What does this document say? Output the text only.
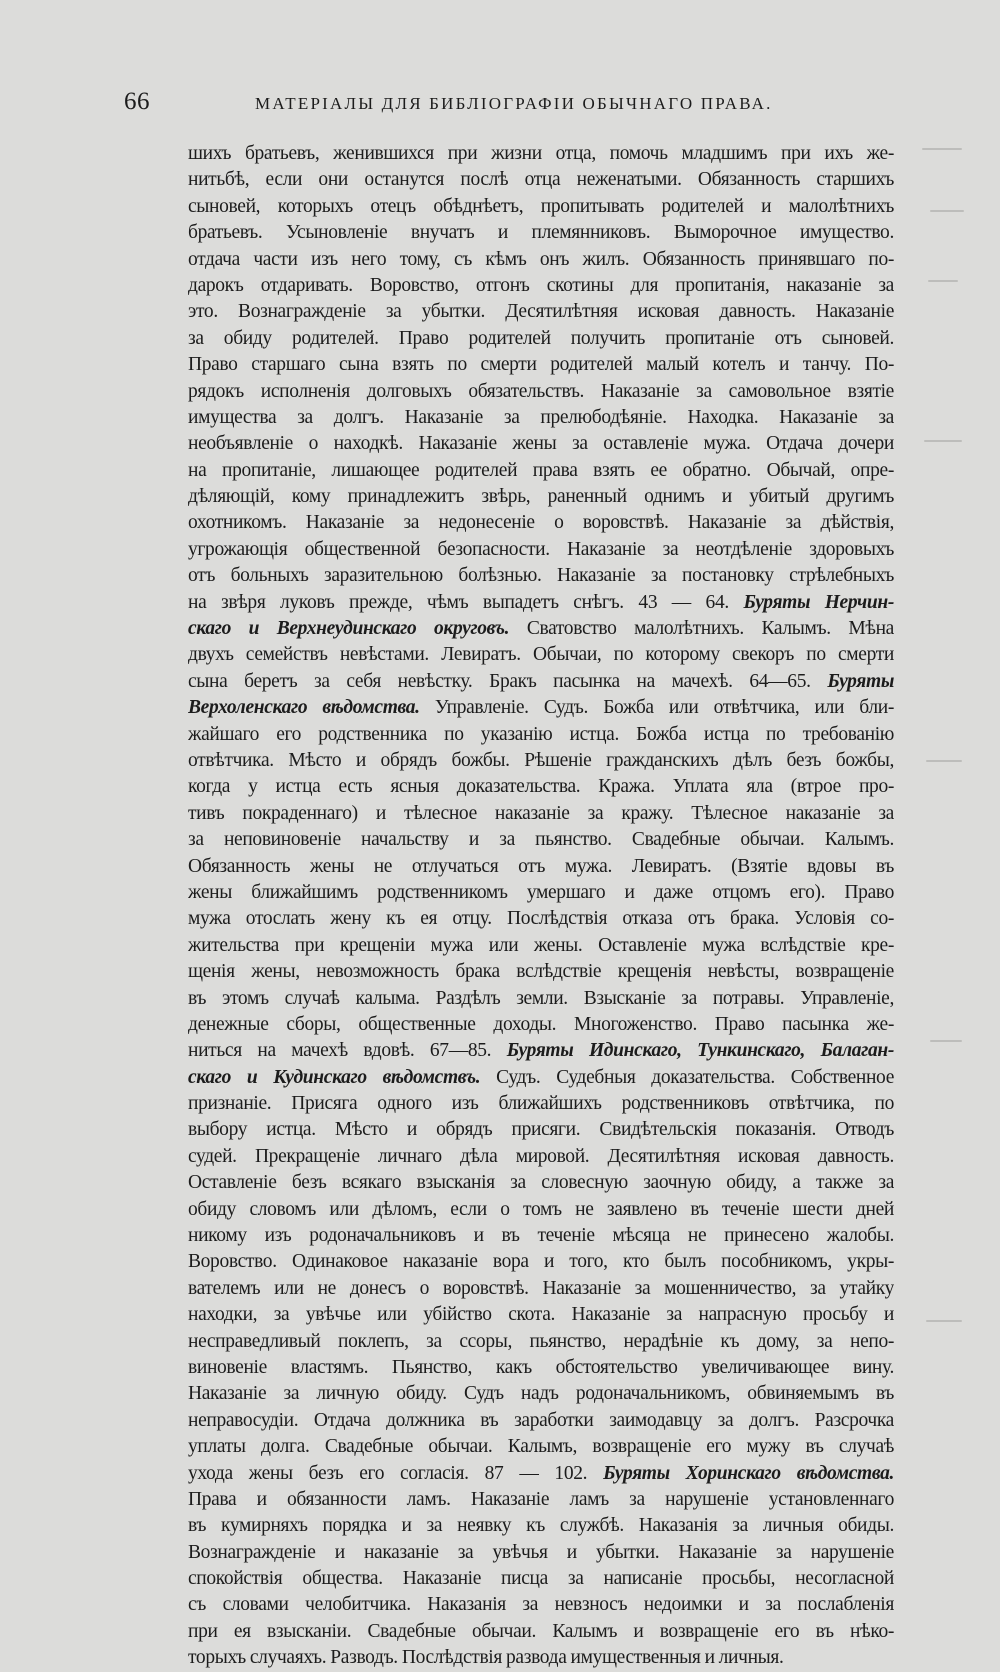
66	МАТЕРІАЛЫ ДЛЯ БИБЛІОГРАФІИ ОБЫЧНАГО ПРАВА.
шихъ братьевъ, женившихся при жизни отца, помочь младшимъ при ихъ же-
нитьбѣ, если они останутся послѣ отца неженатыми. Обязанность старшихъ
сыновей, которыхъ отецъ обѣднѣетъ, пропитывать родителей и малолѣтнихъ
братьевъ. Усыновленіе внучатъ и племянниковъ. Выморочное имущество.
отдача части изъ него тому, съ кѣмъ онъ жилъ. Обязанность принявшаго по-
дарокъ отдаривать. Воровство, отгонъ скотины для пропитанія, наказаніе за
это. Вознагражденіе за убытки. Десятилѣтняя исковая давность. Наказаніе
за обиду родителей. Право родителей получить пропитаніе отъ сыновей.
Право старшаго сына взять по смерти родителей малый котелъ и танчу. По-
рядокъ исполненія долговыхъ обязательствъ. Наказаніе за самовольное взятіе
имущества за долгъ. Наказаніе за прелюбодѣяніе. Находка. Наказаніе за
необъявленіе о находкѣ. Наказаніе жены за оставленіе мужа. Отдача дочери
на пропитаніе, лишающее родителей права взять ее обратно. Обычай, опре-
дѣляющій, кому принадлежитъ звѣрь, раненный однимъ и убитый другимъ
охотникомъ. Наказаніе за недонесеніе о воровствѣ. Наказаніе за дѣйствія,
угрожающія общественной безопасности. Наказаніе за неотдѣленіе здоровыхъ
отъ больныхъ заразительною болѣзнью. Наказаніе за постановку стрѣлебныхъ
на звѣря луковъ прежде, чѣмъ выпадетъ снѣгъ. 43 — 64. Буряты Нерчин-
скаго и Верхнеудинскаго округовъ. Сватовство малолѣтнихъ. Калымъ. Мѣна
двухъ семействъ невѣстами. Левиратъ. Обычаи, по которому свекоръ по смерти
сына беретъ за себя невѣстку. Бракъ пасынка на мачехѣ. 64—65. Буряты
Верхоленскаго вѣдомства. Управленіе. Судъ. Божба или отвѣтчика, или бли-
жайшаго его родственника по указанію истца. Божба истца по требованію
отвѣтчика. Мѣсто и обрядъ божбы. Рѣшеніе гражданскихъ дѣлъ безъ божбы,
когда у истца есть ясныя доказательства. Кража. Уплата яла (втрое про-
тивъ покраденнаго) и тѣлесное наказаніе за кражу. Тѣлесное наказаніе за
за неповиновеніе начальству и за пьянство. Свадебные обычаи. Калымъ.
Обязанность жены не отлучаться отъ мужа. Левиратъ. (Взятіе вдовы въ
жены ближайшимъ родственникомъ умершаго и даже отцомъ его). Право
мужа отослать жену къ ея отцу. Послѣдствія отказа отъ брака. Условія со-
жительства при крещеніи мужа или жены. Оставленіе мужа вслѣдствіе кре-
щенія жены, невозможность брака вслѣдствіе крещенія невѣсты, возвращеніе
въ этомъ случаѣ калыма. Раздѣлъ земли. Взысканіе за потравы. Управленіе,
денежные сборы, общественные доходы. Многоженство. Право пасынка же-
ниться на мачехѣ вдовѣ. 67—85. Буряты Идинскаго, Тункинскаго, Балаган-
скаго и Кудинскаго вѣдомствъ. Судъ. Судебныя доказательства. Собственное
признаніе. Присяга одного изъ ближайшихъ родственниковъ отвѣтчика, по
выбору истца. Мѣсто и обрядъ присяги. Свидѣтельскія показанія. Отводъ
судей. Прекращеніе личнаго дѣла мировой. Десятилѣтняя исковая давность.
Оставленіе безъ всякаго взысканія за словесную заочную обиду, а также за
обиду словомъ или дѣломъ, если о томъ не заявлено въ теченіе шести дней
никому изъ родоначальниковъ и въ теченіе мѣсяца не принесено жалобы.
Воровство. Одинаковое наказаніе вора и того, кто былъ пособникомъ, укры-
вателемъ или не донесъ о воровствѣ. Наказаніе за мошенничество, за утайку
находки, за увѣчье или убійство скота. Наказаніе за напрасную просьбу и
несправедливый поклепъ, за ссоры, пьянство, нерадѣніе къ дому, за непо-
виновеніе властямъ. Пьянство, какъ обстоятельство увеличивающее вину.
Наказаніе за личную обиду. Судъ надъ родоначальникомъ, обвиняемымъ въ
неправосудіи. Отдача должника въ заработки заимодавцу за долгъ. Разсрочка
уплаты долга. Свадебные обычаи. Калымъ, возвращеніе его мужу въ случаѣ
ухода жены безъ его согласія. 87 — 102. Буряты Хоринскаго вѣдомства.
Права и обязанности ламъ. Наказаніе ламъ за нарушеніе установленнаго
въ кумирняхъ порядка и за неявку къ службѣ. Наказанія за личныя обиды.
Вознагражденіе и наказаніе за увѣчья и убытки. Наказаніе за нарушеніе
спокойствія общества. Наказаніе писца за написаніе просьбы, несогласной
съ словами челобитчика. Наказанія за невзносъ недоимки и за послабленія
при ея взысканіи. Свадебные обычаи. Калымъ и возвращеніе его въ нѣко-
торыхъ случаяхъ. Разводъ. Послѣдствія развода имущественныя и личныя.
